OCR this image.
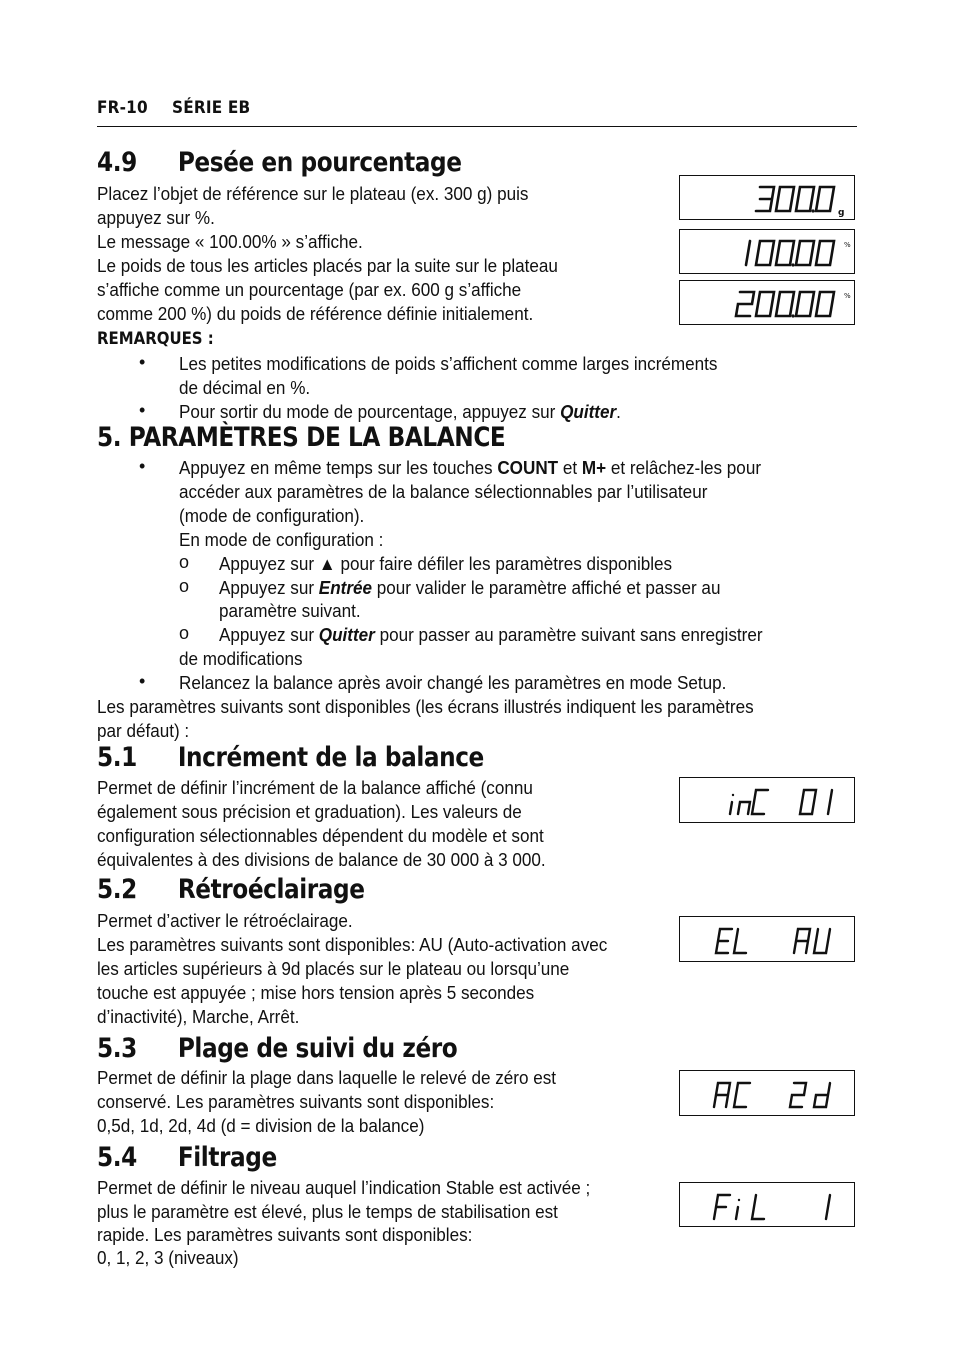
FR-10 SÉRIE EB
4.9 Pesée en pourcentage
Placez l’objet de référence sur le plateau (ex. 300 g) puis
appuyez sur %.
Le message « 100.00% » s’affiche.
Le poids de tous les articles placés par la suite sur le plateau
s’affiche comme un pourcentage (par ex. 600 g s’affiche
comme 200 %) du poids de référence définie initialement.
REMARQUES :
• Les petites modifications de poids s’affichent comme larges incréments
de décimal en %.
• Pour sortir du mode de pourcentage, appuyez sur Quitter.
g
%
%
5. PARAMÈTRES DE LA BALANCE
• Appuyez en même temps sur les touches COUNT et M+ et relâchez-les pour
accéder aux paramètres de la balance sélectionnables par l’utilisateur
(mode de configuration).
En mode de configuration :
o Appuyez sur ▲ pour faire défiler les paramètres disponibles
o Appuyez sur Entrée pour valider le paramètre affiché et passer au
paramètre suivant.
o Appuyez sur Quitter pour passer au paramètre suivant sans enregistrer
de modifications
• Relancez la balance après avoir changé les paramètres en mode Setup.
Les paramètres suivants sont disponibles (les écrans illustrés indiquent les paramètres
par défaut) :
5.1 Incrément de la balance
Permet de définir l’incrément de la balance affiché (connu
également sous précision et graduation). Les valeurs de
configuration sélectionnables dépendent du modèle et sont
équivalentes à des divisions de balance de 30 000 à 3 000.
5.2 Rétroéclairage
Permet d’activer le rétroéclairage.
Les paramètres suivants sont disponibles: AU (Auto-activation avec
les articles supérieurs à 9d placés sur le plateau ou lorsqu’une
touche est appuyée ; mise hors tension après 5 secondes
d’inactivité), Marche, Arrêt.
5.3 Plage de suivi du zéro
Permet de définir la plage dans laquelle le relevé de zéro est
conservé. Les paramètres suivants sont disponibles:
0,5d, 1d, 2d, 4d (d = division de la balance)
5.4 Filtrage
Permet de définir le niveau auquel l’indication Stable est activée ;
plus le paramètre est élevé, plus le temps de stabilisation est
rapide. Les paramètres suivants sont disponibles:
0, 1, 2, 3 (niveaux)
